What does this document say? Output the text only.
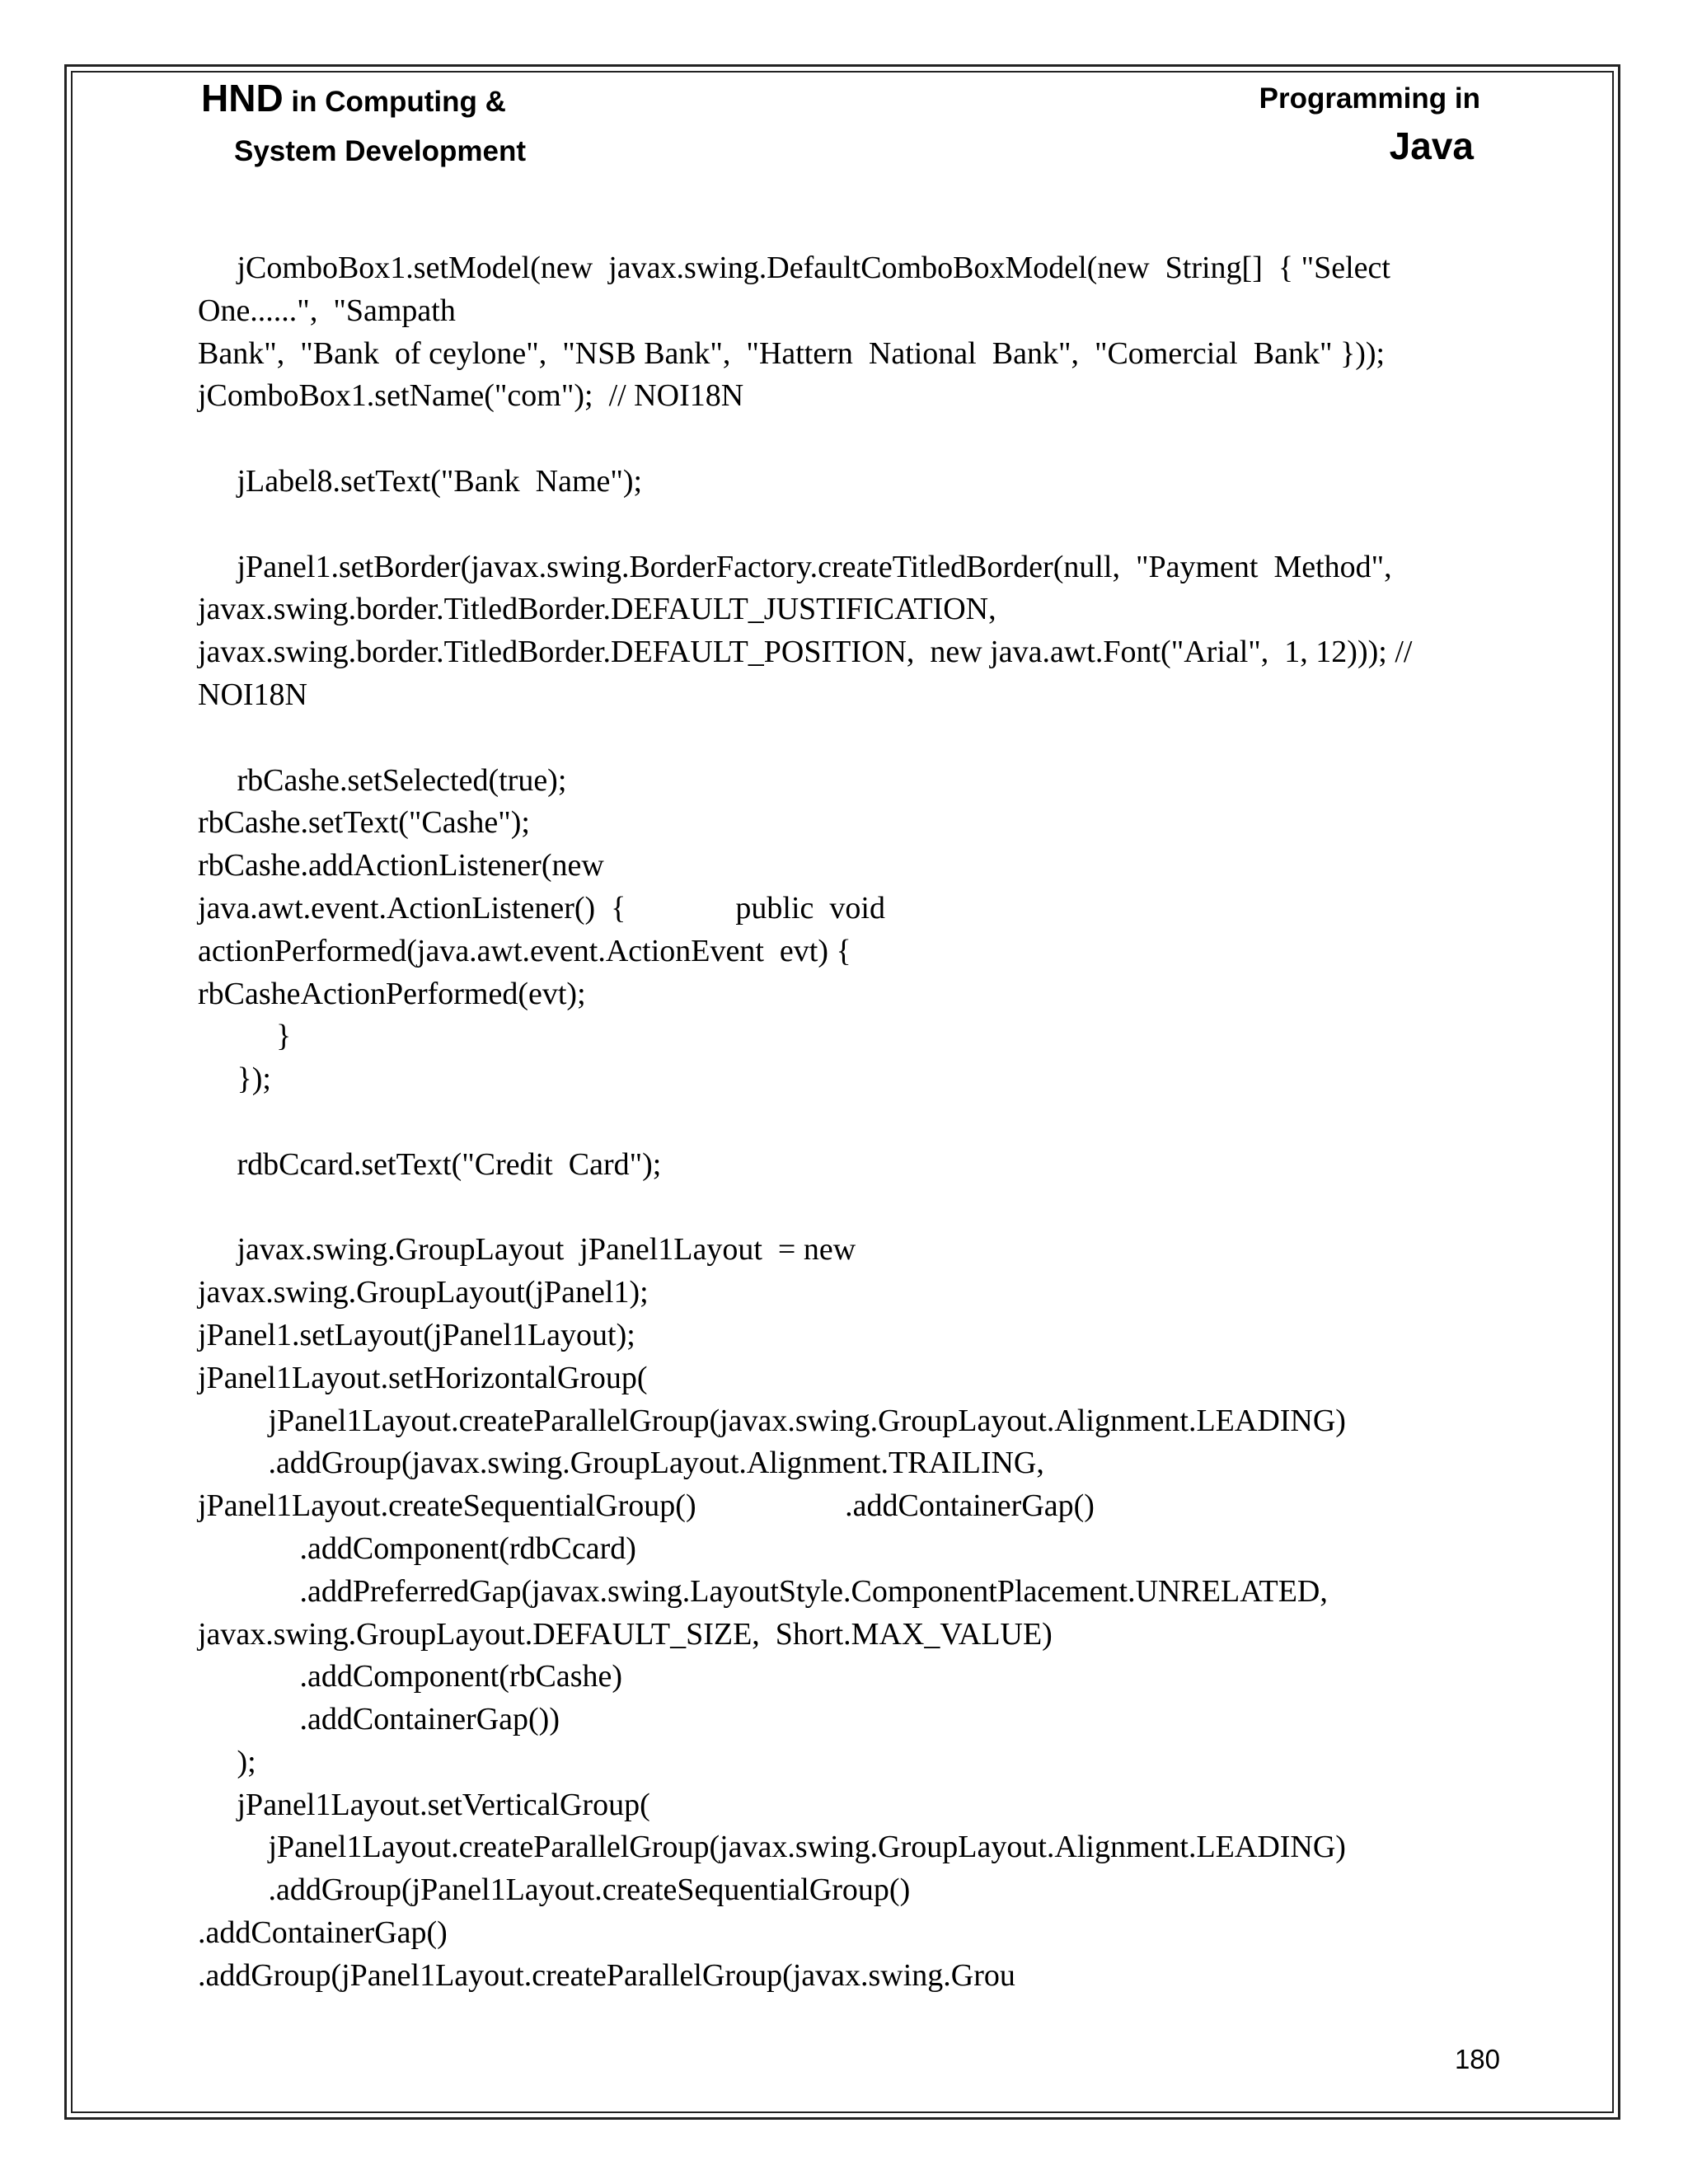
HND in Computing &
System Development
Programming in
Java
jComboBox1.setModel(new  javax.swing.DefaultComboBoxModel(new  String[]  { "Select
One......",  "Sampath
Bank",  "Bank  of ceylone",  "NSB Bank",  "Hattern  National  Bank",  "Comercial  Bank" }));
jComboBox1.setName("com");  // NOI18N
jLabel8.setText("Bank  Name");
jPanel1.setBorder(javax.swing.BorderFactory.createTitledBorder(null,  "Payment  Method",
javax.swing.border.TitledBorder.DEFAULT_JUSTIFICATION,
javax.swing.border.TitledBorder.DEFAULT_POSITION,  new java.awt.Font("Arial",  1, 12))); //
NOI18N
rbCashe.setSelected(true);
rbCashe.setText("Cashe");
rbCashe.addActionListener(new
java.awt.event.ActionListener()  {              public  void
actionPerformed(java.awt.event.ActionEvent  evt) {
rbCasheActionPerformed(evt);
}
});
rdbCcard.setText("Credit  Card");
javax.swing.GroupLayout  jPanel1Layout  = new
javax.swing.GroupLayout(jPanel1);
jPanel1.setLayout(jPanel1Layout);
jPanel1Layout.setHorizontalGroup(
jPanel1Layout.createParallelGroup(javax.swing.GroupLayout.Alignment.LEADING)
.addGroup(javax.swing.GroupLayout.Alignment.TRAILING,
jPanel1Layout.createSequentialGroup()                   .addContainerGap()
.addComponent(rdbCcard)
.addPreferredGap(javax.swing.LayoutStyle.ComponentPlacement.UNRELATED,
javax.swing.GroupLayout.DEFAULT_SIZE,  Short.MAX_VALUE)
.addComponent(rbCashe)
.addContainerGap())
);
jPanel1Layout.setVerticalGroup(
jPanel1Layout.createParallelGroup(javax.swing.GroupLayout.Alignment.LEADING)
.addGroup(jPanel1Layout.createSequentialGroup()
.addContainerGap()
.addGroup(jPanel1Layout.createParallelGroup(javax.swing.Grou
180
